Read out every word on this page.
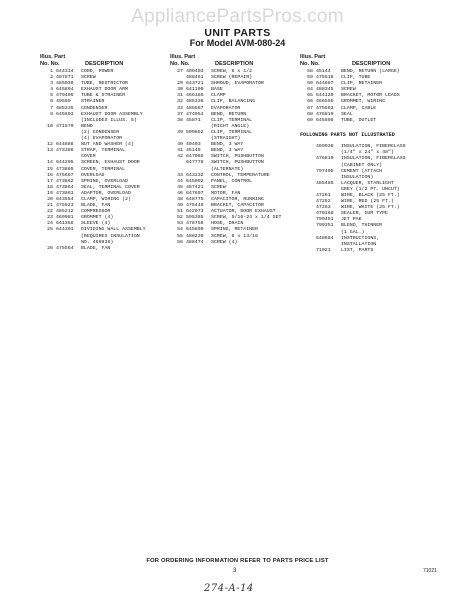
AppliancePartsPros.com
UNIT PARTS
For Model AVM-080-24
Illus. Part
No. No.	DESCRIPTION
1 644314	CORD, POWER
2 487871	SCREW
3 485030	TUBE, RESTRICTOR
4 645894	EXHAUST DOOR ARM
5 479405	TUBE & STRAINER
6 49599	STRAINER
7 485335	CONDENSER
8 645893	EXHAUST DOOR ASSEMBLY
(INCLUDES ILLUS. 5)
10 471570	BEND
(2) CONDENSER
(4) EVAPORATOR
12 644888	NUT AND WASHER (4)
13 473386	STRAP, TERMINAL
COVER
14 644205	SCREEN, EXHAUST DOOR
15 473865	COVER, TERMINAL
16 475667	OVERLOAD
17 473862	SPRING, OVERLOAD
18 473864	SEAL, TERMINAL COVER
19 473863	ADAPTOR, OVERLOAD
20 643554	CLAMP, WIRING (2)
21 475523	BLADE, FAN
22 485212	COMPRESSOR
23 469981	GROMMET (4)
24 641358	SLEEVE (4)
25 644301	DIVIDING WALL ASSEMBLY
(REQUIRES INSULATION
NO. 469938)
26 475564	BLADE, FAN
Illus. Part
No. No.	DESCRIPTION
27 409403	SCREW, 8 x 1/2
488461	SCREW (REPAIR)
29 643721	SHROUD, EVAPORATOR
30 641100	BASE
31 466185	CLAMP
32 485336	CLIP, BALANCING
33 485567	EVAPORATOR
37 474954	BEND, RETURN
38 45871	CLIP, TERMINAL
(RIGHT ANGLE)
39 509852	CLIP, TERMINAL
(STRAIGHT)
40 49403	BEND, 3 WAY
41 45148	BEND, 3 WAY
42 647065	SWITCH, PUSHBUTTON
647776	SWITCH, PUSHBUTTON
(ALTERNATE)
43 643232	CONTROL, TEMPERATURE
44 645092	PANEL, CONTROL
45 487421	SCREW
46 647697	MOTOR, FAN
48 648775	CAPACITOR, RUNNING
49 475446	BRACKET, CAPACITOR
51 642073	ACTUATOR, DOOR EXHAUST
52 595385	SCREW, 5/16-24 x 1/4 SET
53 478756	HOSE, DRAIN
54 645890	SPRING, RETAINER
55 488230	SCREW, 8 x 13/16
56 488474	SCREW (4)
Illus. Part
No. No.	DESCRIPTION
58 45144	BEND, RETURN (LARGE)
59 475518	CLIP, TUBE
60 644687	CLIP, RETAINER
64 488345	SCREW
65 644129	BRACKET, MOTOR LEADS
66 466555	GROMMET, WIRING
67 475563	CLAMP, CABLE
68 476819	SEAL
69 645898	TUBE, OUTLET
FOLLOWING PARTS NOT ILLUSTRATED
469938	INSULATION, FIBERGLASS
(1/4" x 24" x 48")
476810	INSULATION, FIBERGLASS
(CABINET ONLY)
797405	CEMENT (ATTACH
INSULATION)
485485	LACQUER, STARLIGHT
GREY (1/2 PT. UNCUT)
47261	WIRE, BLACK (25 FT.)
47262	WIRE, RED (25 FT.)
47263	WIRE, WHITE (25 FT.)
470168	SEALER, GUM TYPE
799451	JET PAK
799351	BLEND, THINNER
(1 GAL.)
648684	INSTRUCTIONS,
INSTALLATION
71021	LIST, PARTS
FOR ORDERING INFORMATION REFER TO PARTS PRICE LIST
3	71021
274-A-14
